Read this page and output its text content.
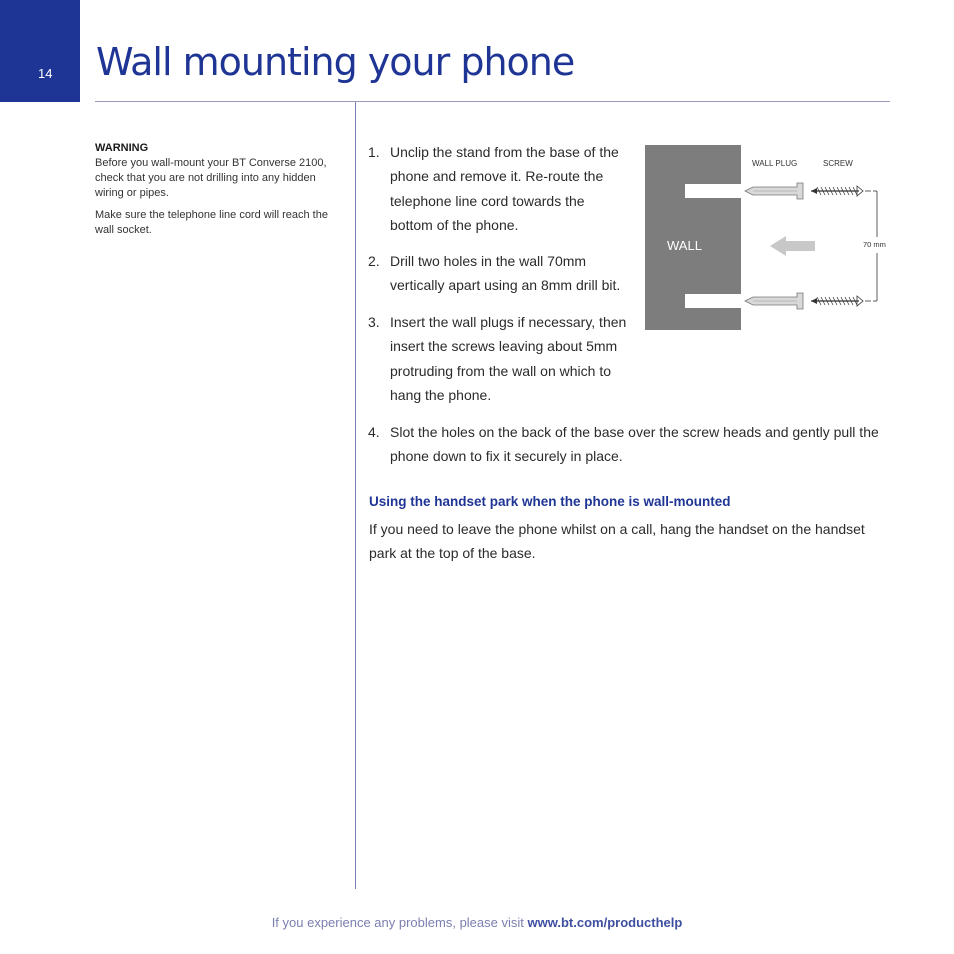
14 Wall mounting your phone
WARNING

Before you wall-mount your BT Converse 2100, check that you are not drilling into any hidden wiring or pipes.

Make sure the telephone line cord will reach the wall socket.

1. Unclip the stand from the base of the
phone and remove it. Re-route the
telephone line cord towards the
bottom of the phone.
2. Drill two holes in the wall 70mm
vertically apart using an 8mm drill bit.
3. Insert the wall plugs if necessary, then
insert the screws leaving about 5mm
protruding from the wall on which to
hang the phone.
4. Slot the holes on the back of the base over the screw heads and gently pull the
phone down to fix it securely in place.
WALL
WALL PLUG	SCREW
70 mm
Using the handset park when the phone is wall-mounted
If you need to leave the phone whilst on a call, hang the handset on the handset park at the top of the base.
If you experience any problems, please visit www.bt.com/producthelp
